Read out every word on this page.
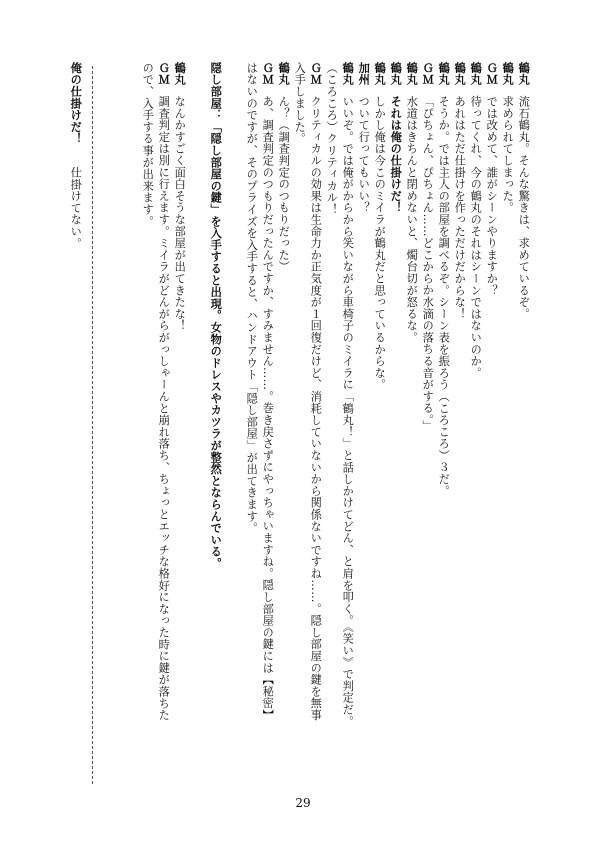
鶴丸流石鶴丸。そんな驚きは、求めているぞ。
鶴丸求められてしまった。
ＧＭでは改めて、誰がシーンやりますか？
鶴丸待ってくれ、今の鶴丸のそれはシーンではないのか。
鶴丸あれはただ仕掛けを作っただけだからな！
鶴丸そうか。では主人の部屋を調べるぞ。シーン表を振ろう（ころころ）３だ。
ＧＭ「ぴちょん、ぴちょん……どこからか水滴の落ちる音がする。」
鶴丸水道はきちんと閉めないと、燭台切が怒るな。
鶴丸それは俺の仕掛けだ！
鶴丸しかし俺は今このミイラが鶴丸だと思っているからな。
加州ついて行ってもいい？
鶴丸いいぞ。では俺がからから笑いながら車椅子のミイラに「鶴丸！」と話しかけてどん、と肩を叩く。《笑い》で判定だ。
（ころころ）クリティカル！
ＧＭクリティカルの効果は生命力か正気度が１回復だけど、消耗していないから関係ないですね……。隠し部屋の鍵を無事
入手しました。
鶴丸ん？（調査判定のつもりだった）
ＧＭあ、調査判定のつもりだったんですか、すみません……。巻き戻さずにやっちゃいますね。隠し部屋の鍵には【秘密】
はないのですが、そのプライズを入手すると、ハンドアウト「隠し部屋」が出てきます。
隠し部屋：「隠し部屋の鍵」を入手すると出現。女物のドレスやカツラが整然とならんでいる。
鶴丸なんかすごく面白そうな部屋が出てきたな！
ＧＭ調査判定は別に行えます。ミイラがどんがらがっしゃーんと崩れ落ち、ちょっとエッチな格好になった時に鍵が落ちた
ので、入手する事が出来ます。
俺の仕掛けだ！仕掛けてない。
29
